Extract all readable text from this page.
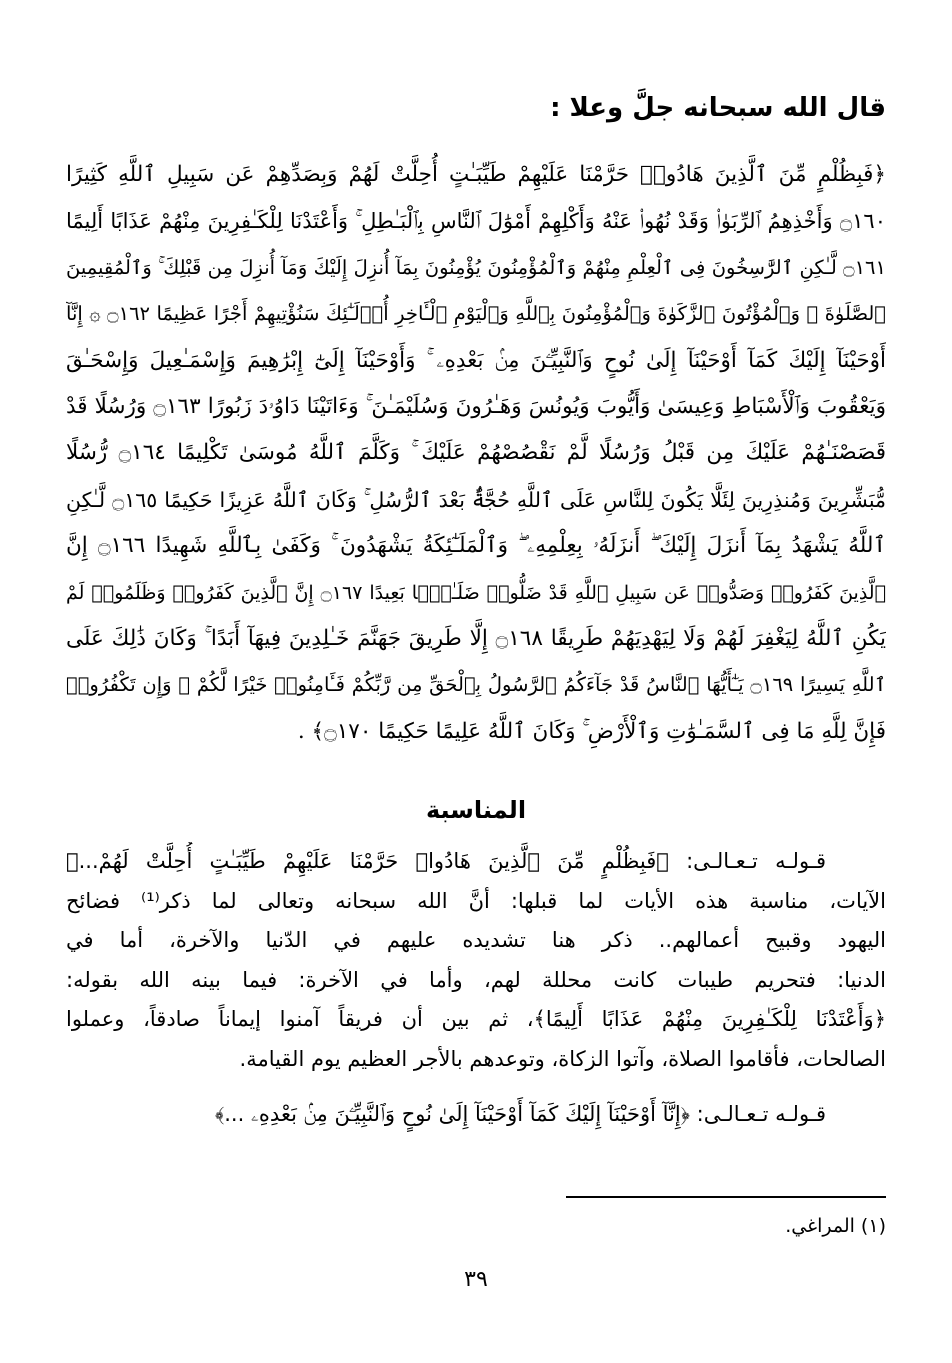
قال الله سبحانه جلَّ وعلا :
﴿فَبِظُلْمٍ مِّنَ ٱلَّذِينَ هَادُوا۟ حَرَّمْنَا عَلَيْهِمْ طَيِّبَـٰتٍ أُحِلَّتْ لَهُمْ وَبِصَدِّهِمْ عَن سَبِيلِ ٱللَّهِ كَثِيرًا
۝١٦٠ وَأَخْذِهِمُ ٱلرِّبَوٰا۟ وَقَدْ نُهُوا۟ عَنْهُ وَأَكْلِهِمْ أَمْوَٰلَ ٱلنَّاسِ بِٱلْبَـٰطِلِ ۚ وَأَعْتَدْنَا لِلْكَـٰفِرِينَ مِنْهُمْ عَذَابًا أَلِيمًا
۝١٦١ لَّـٰكِنِ ٱلرَّٰسِخُونَ فِى ٱلْعِلْمِ مِنْهُمْ وَٱلْمُؤْمِنُونَ يُؤْمِنُونَ بِمَآ أُنزِلَ إِلَيْكَ وَمَآ أُنزِلَ مِن قَبْلِكَ ۚ وَٱلْمُقِيمِينَ
ٱلصَّلَوٰةَ ۚ وَٱلْمُؤْتُونَ ٱلزَّكَوٰةَ وَٱلْمُؤْمِنُونَ بِٱللَّهِ وَٱلْيَوْمِ ٱلْـَٔاخِرِ أُو۟لَـٰٓئِكَ سَنُؤْتِيهِمْ أَجْرًا عَظِيمًا ۝١٦٢ ۞ إِنَّآ
أَوْحَيْنَآ إِلَيْكَ كَمَآ أَوْحَيْنَآ إِلَىٰ نُوحٍ وَٱلنَّبِيِّـۧنَ مِنۢ بَعْدِهِۦ ۚ وَأَوْحَيْنَآ إِلَىٰٓ إِبْرَٰهِيمَ وَإِسْمَـٰعِيلَ وَإِسْحَـٰقَ
وَيَعْقُوبَ وَٱلْأَسْبَاطِ وَعِيسَىٰ وَأَيُّوبَ وَيُونُسَ وَهَـٰرُونَ وَسُلَيْمَـٰنَ ۚ وَءَاتَيْنَا دَاوُۥدَ زَبُورًا ۝١٦٣ وَرُسُلًا قَدْ
قَصَصْنَـٰهُمْ عَلَيْكَ مِن قَبْلُ وَرُسُلًا لَّمْ نَقْصُصْهُمْ عَلَيْكَ ۚ وَكَلَّمَ ٱللَّهُ مُوسَىٰ تَكْلِيمًا ۝١٦٤ رُّسُلًا
مُّبَشِّرِينَ وَمُنذِرِينَ لِئَلَّا يَكُونَ لِلنَّاسِ عَلَى ٱللَّهِ حُجَّةٌۢ بَعْدَ ٱلرُّسُلِ ۚ وَكَانَ ٱللَّهُ عَزِيزًا حَكِيمًا ۝١٦٥ لَّـٰكِنِ
ٱللَّهُ يَشْهَدُ بِمَآ أَنزَلَ إِلَيْكَ ۖ أَنزَلَهُۥ بِعِلْمِهِۦ ۖ وَٱلْمَلَـٰٓئِكَةُ يَشْهَدُونَ ۚ وَكَفَىٰ بِٱللَّهِ شَهِيدًا ۝١٦٦ إِنَّ
ٱلَّذِينَ كَفَرُوا۟ وَصَدُّوا۟ عَن سَبِيلِ ٱللَّهِ قَدْ ضَلُّوا۟ ضَلَـٰلًۢا بَعِيدًا ۝١٦٧ إِنَّ ٱلَّذِينَ كَفَرُوا۟ وَظَلَمُوا۟ لَمْ
يَكُنِ ٱللَّهُ لِيَغْفِرَ لَهُمْ وَلَا لِيَهْدِيَهُمْ طَرِيقًا ۝١٦٨ إِلَّا طَرِيقَ جَهَنَّمَ خَـٰلِدِينَ فِيهَآ أَبَدًا ۚ وَكَانَ ذَٰلِكَ عَلَى
ٱللَّهِ يَسِيرًا ۝١٦٩ يَـٰٓأَيُّهَا ٱلنَّاسُ قَدْ جَآءَكُمُ ٱلرَّسُولُ بِٱلْحَقِّ مِن رَّبِّكُمْ فَـَٔامِنُوا۟ خَيْرًا لَّكُمْ ۚ وَإِن تَكْفُرُوا۟
فَإِنَّ لِلَّهِ مَا فِى ٱلسَّمَـٰوَٰتِ وَٱلْأَرْضِ ۚ وَكَانَ ٱللَّهُ عَلِيمًا حَكِيمًا ۝١٧٠﴾ .
المناسبة
قـولـه تـعـالـى: ﴿فَبِظُلْمٍ مِّنَ ٱلَّذِينَ هَادُوا۟ حَرَّمْنَا عَلَيْهِمْ طَيِّبَـٰتٍ أُحِلَّتْ لَهُمْ...﴾
الآيات، مناسبة هذه الأيات لما قبلها: أنَّ الله سبحانه وتعالى لما ذكر⁽¹⁾ فضائح
اليهود وقبيح أعمالهم.. ذكر هنا تشديده عليهم في الدّنيا والآخرة، أما في
الدنيا: فتحريم طيبات كانت محللة لهم، وأما في الآخرة: فيما بينه الله بقوله:
﴿وَأَعْتَدْنَا لِلْكَـٰفِرِينَ مِنْهُمْ عَذَابًا أَلِيمًا﴾، ثم بين أن فريقاً آمنوا إيماناً صادقاً، وعملوا
الصالحات، فأقاموا الصلاة، وآتوا الزكاة، وتوعدهم بالأجر العظيم يوم القيامة.
قـولـه تـعـالـى: ﴿إِنَّآ أَوْحَيْنَآ إِلَيْكَ كَمَآ أَوْحَيْنَآ إِلَىٰ نُوحٍ وَٱلنَّبِيِّـۧنَ مِنۢ بَعْدِهِۦ ...﴾
(١) المراغي.
٣٩
